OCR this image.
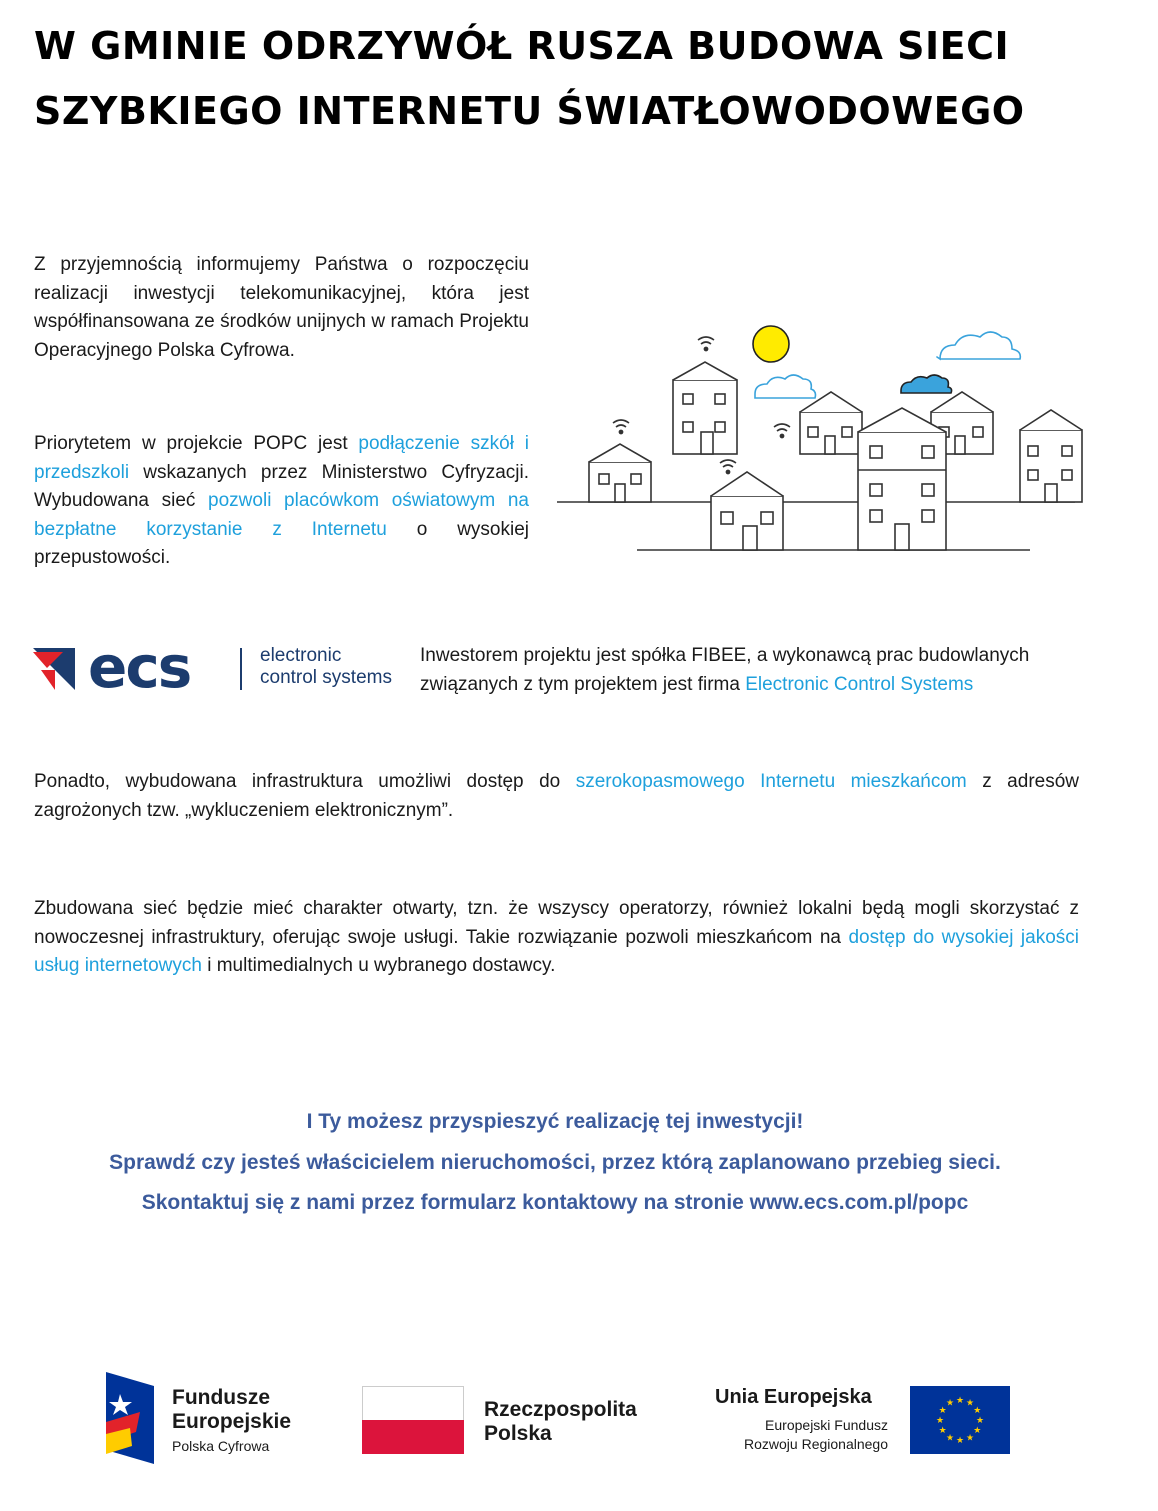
W GMINIE ODRZYWÓŁ RUSZA BUDOWA SIECI
SZYBKIEGO INTERNETU ŚWIATŁOWODOWEGO
Z przyjemnością informujemy Państwa o rozpoczęciu realizacji inwestycji telekomunikacyjnej, która jest współfinansowana ze środków unijnych w ramach Projektu Operacyjnego Polska Cyfrowa.
Priorytetem w projekcie POPC jest podłączenie szkół i przedszkoli wskazanych przez Ministerstwo Cyfryzacji. Wybudowana sieć pozwoli placówkom oświatowym na bezpłatne korzystanie z Internetu o wysokiej przepustowości.
ecs	electronic
control systems
Inwestorem projektu jest spółka FIBEE, a wykonawcą prac budowlanych związanych z tym projektem jest firma Electronic Control Systems
Ponadto, wybudowana infrastruktura umożliwi dostęp do szerokopasmowego Internetu mieszkańcom z adresów zagrożonych tzw. „wykluczeniem elektronicznym”.
Zbudowana sieć będzie mieć charakter otwarty, tzn. że wszyscy operatorzy, również lokalni będą mogli skorzystać z nowoczesnej infrastruktury, oferując swoje usługi. Takie rozwiązanie pozwoli mieszkańcom na dostęp do wysokiej jakości usług internetowych i multimedialnych u wybranego dostawcy.
I Ty możesz przyspieszyć realizację tej inwestycji!
Sprawdź czy jesteś właścicielem nieruchomości, przez którą zaplanowano przebieg sieci.
Skontaktuj się z nami przez formularz kontaktowy na stronie www.ecs.com.pl/popc
Fundusze
Europejskie
Polska Cyfrowa
Rzeczpospolita
Polska
Unia Europejska
Europejski Fundusz
Rozwoju Regionalnego
★ ★
★
★
★
★
★
★
★
★
★
★
